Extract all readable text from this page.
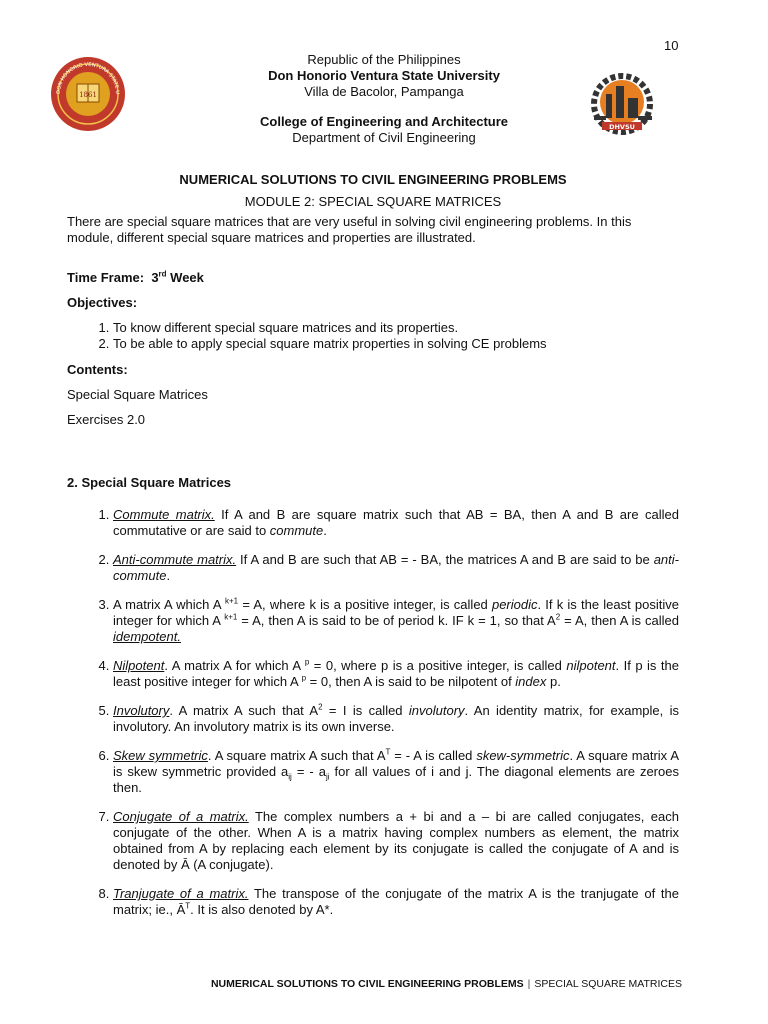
10
1861
DON HONORIO VENTURA STATE U
DHVSU
Republic of the Philippines
Don Honorio Ventura State University
Villa de Bacolor, Pampanga
College of Engineering and Architecture
Department of Civil Engineering

NUMERICAL SOLUTIONS TO CIVIL ENGINEERING PROBLEMS

MODULE 2: SPECIAL SQUARE MATRICES

There are special square matrices that are very useful in solving civil engineering problems. In this module, different special square matrices and properties are illustrated.

Time Frame: 3rd Week

Objectives:

1. To know different special square matrices and its properties.
2. To be able to apply special square matrix properties in solving CE problems

Contents:

Special Square Matrices

Exercises 2.0

2. Special Square Matrices

1. Commute matrix. If A and B are square matrix such that AB = BA, then A and B are called commutative or are said to commute.
2. Anti-commute matrix. If A and B are such that AB = - BA, the matrices A and B are said to be anti-commute.
3. A matrix A which A $^{k+1}$ = A, where k is a positive integer, is called periodic. If k is the least positive integer for which A $^{k+1}$ = A, then A is said to be of period k. IF k = 1, so that $A^2 = A$, then A is called idempotent.
4. Nilpotent. A matrix A for which A $^p$ = 0, where p is a positive integer, is called nilpotent. If p is the least positive integer for which A $^p$ = 0, then A is said to be nilpotent of index p.
5. Involutory. A matrix A such that $A^2 = I$ is called involutory. An identity matrix, for example, is involutory. An involutory matrix is its own inverse.
6. Skew symmetric. A square matrix A such that $A^T$ = - A is called skew-symmetric. A square matrix A is skew symmetric provided $a_{ij}$ = - $a_{ji}$ for all values of i and j. The diagonal elements are zeroes then.
7. Conjugate of a matrix. The complex numbers a + bi and a – bi are called conjugates, each conjugate of the other. When A is a matrix having complex numbers as element, the matrix obtained from A by replacing each element by its conjugate is called the conjugate of A and is denoted by Ā (A conjugate).
8. Tranjugate of a matrix. The transpose of the conjugate of the matrix A is the tranjugate of the matrix; ie., $Ā^T$. It is also denoted by A*.
NUMERICAL SOLUTIONS TO CIVIL ENGINEERING PROBLEMS | SPECIAL SQUARE MATRICES
